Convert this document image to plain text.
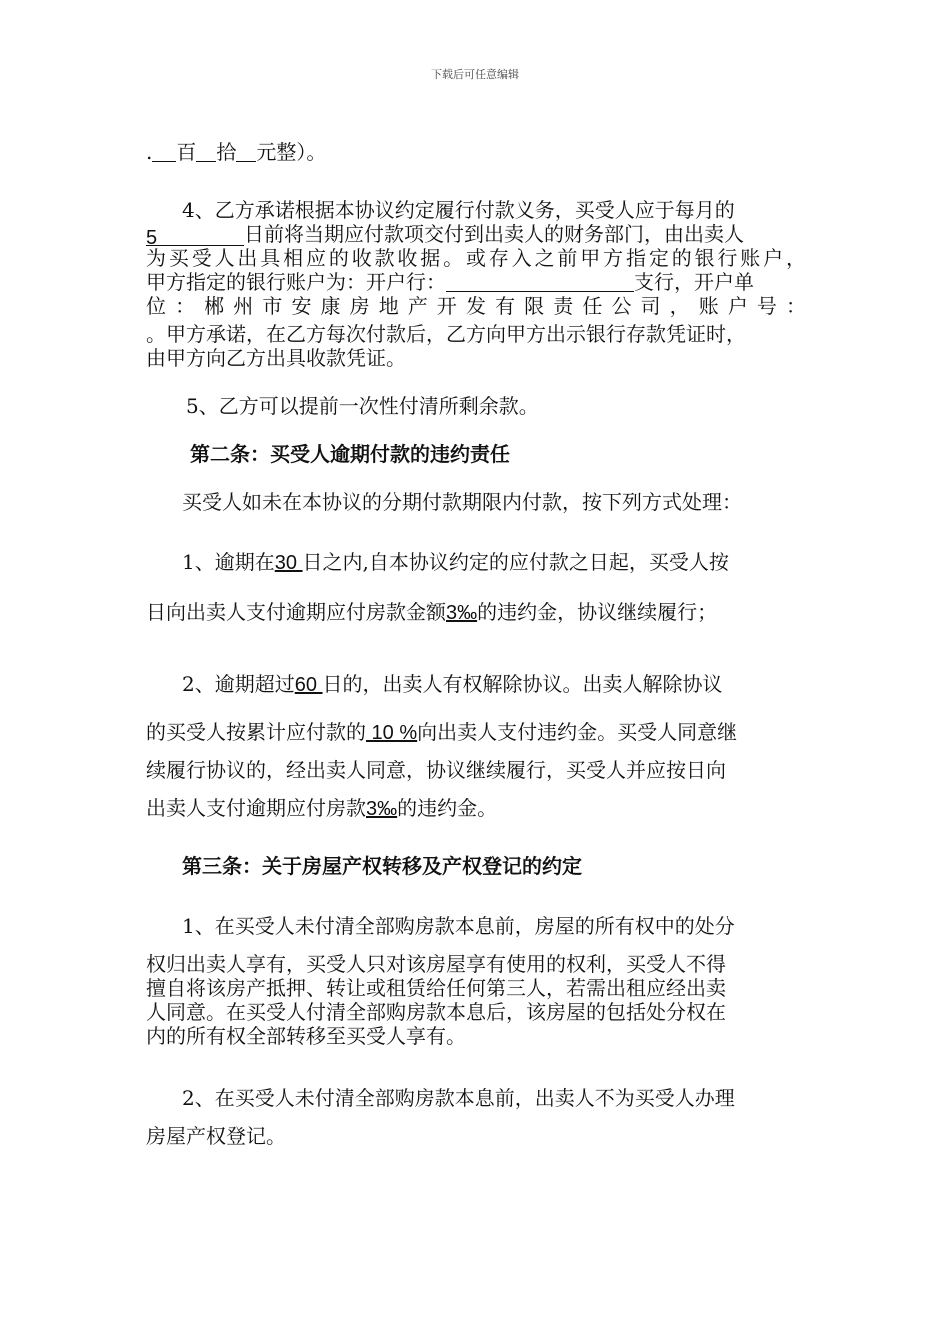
下载后可任意编辑
. 百 拾 元整）。
4、乙方承诺根据本协议约定履行付款义务，买受人应于每月的
5	日前将当期应付款项交付到出卖人的财务部门，由出卖人
为买受人出具相应的收款收据。或存入之前甲方指定的银行账户，
甲方指定的银行账户为：开户行：	支行，开户单
位：郴州市安康房地产开发有限责任公司，账户号：
。甲方承诺，在乙方每次付款后，乙方向甲方出示银行存款凭证时，
由甲方向乙方出具收款凭证。
5、乙方可以提前一次性付清所剩余款。
第二条：买受人逾期付款的违约责任
买受人如未在本协议的分期付款期限内付款，按下列方式处理：
1、逾期在30 日之内,自本协议约定的应付款之日起，买受人按
日向出卖人支付逾期应付房款金额3‰的违约金，协议继续履行；
2、逾期超过60 日的，出卖人有权解除协议。出卖人解除协议
的买受人按累计应付款的 10 %向出卖人支付违约金。买受人同意继
续履行协议的，经出卖人同意，协议继续履行，买受人并应按日向
出卖人支付逾期应付房款3‰的违约金。
第三条：关于房屋产权转移及产权登记的约定
1、在买受人未付清全部购房款本息前，房屋的所有权中的处分
权归出卖人享有，买受人只对该房屋享有使用的权利，买受人不得
擅自将该房产抵押、转让或租赁给任何第三人，若需出租应经出卖
人同意。在买受人付清全部购房款本息后，该房屋的包括处分权在
内的所有权全部转移至买受人享有。
2、在买受人未付清全部购房款本息前，出卖人不为买受人办理
房屋产权登记。
